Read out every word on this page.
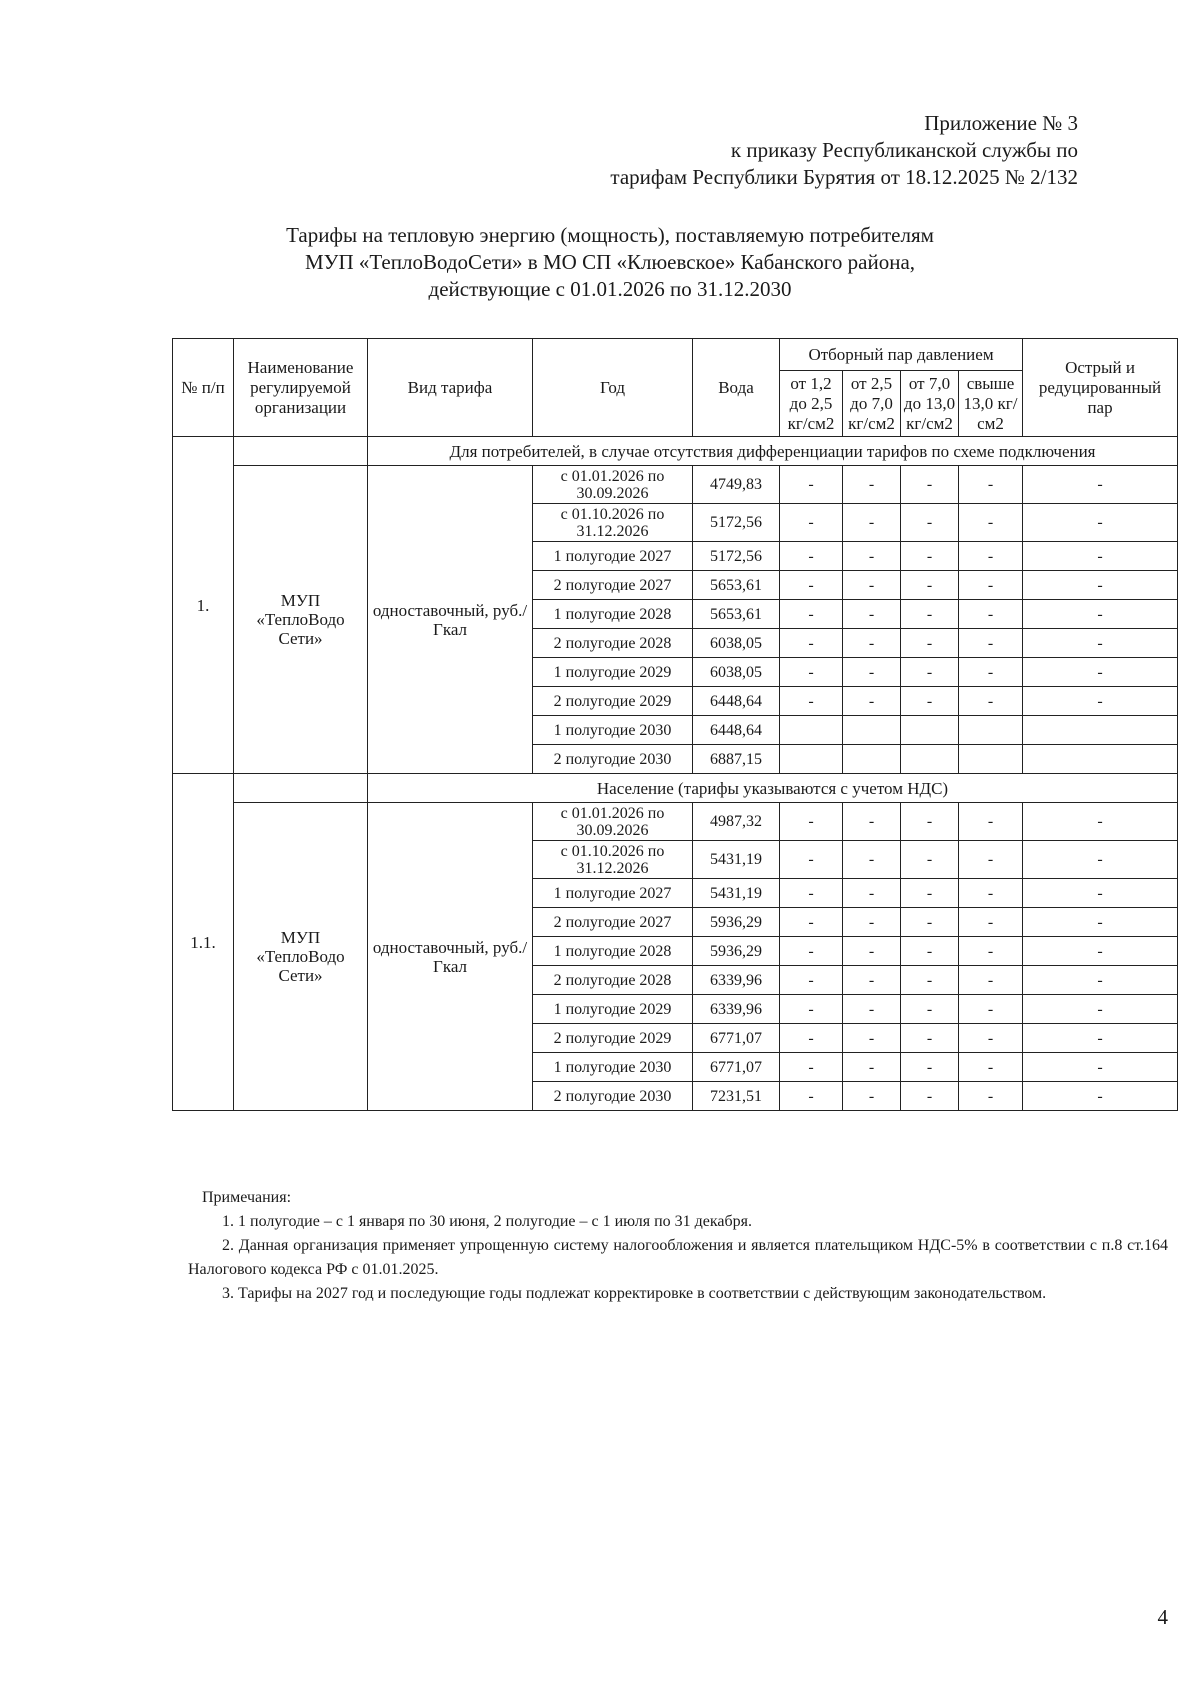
Приложение № 3
к приказу Республиканской службы по
тарифам Республики Бурятия от 18.12.2025 № 2/132
Тарифы на тепловую энергию (мощность), поставляемую потребителям
МУП «ТеплоВодоСети» в МО СП «Клюевское» Кабанского района,
действующие с 01.01.2026 по 31.12.2030
№ п/п	Наименование регулируемой организации	Вид тарифа	Год	Вода	Отборный пар давлением				Острый и редуцированный пар
					от 1,2 до 2,5 кг/см2	от 2,5 до 7,0 кг/см2	от 7,0 до 13,0 кг/см2	свыше 13,0 кг/см2	
1.		Для потребителей, в случае отсутствия дифференциации тарифов по схеме подключения							
	МУП «ТеплоВодо Сети»	одноставочный, руб./Гкал	с 01.01.2026 по 30.09.2026	4749,83	-	-	-	-	-
			с 01.10.2026 по 31.12.2026	5172,56	-	-	-	-	-
			1 полугодие 2027	5172,56	-	-	-	-	-
			2 полугодие 2027	5653,61	-	-	-	-	-
			1 полугодие 2028	5653,61	-	-	-	-	-
			2 полугодие 2028	6038,05	-	-	-	-	-
			1 полугодие 2029	6038,05	-	-	-	-	-
			2 полугодие 2029	6448,64	-	-	-	-	-
			1 полугодие 2030	6448,64					
			2 полугодие 2030	6887,15					
1.1.		Население (тарифы указываются с учетом НДС)							
	МУП «ТеплоВодо Сети»	одноставочный, руб./Гкал	с 01.01.2026 по 30.09.2026	4987,32	-	-	-	-	-
			с 01.10.2026 по 31.12.2026	5431,19	-	-	-	-	-
			1 полугодие 2027	5431,19	-	-	-	-	-
			2 полугодие 2027	5936,29	-	-	-	-	-
			1 полугодие 2028	5936,29	-	-	-	-	-
			2 полугодие 2028	6339,96	-	-	-	-	-
			1 полугодие 2029	6339,96	-	-	-	-	-
			2 полугодие 2029	6771,07	-	-	-	-	-
			1 полугодие 2030	6771,07	-	-	-	-	-
			2 полугодие 2030	7231,51	-	-	-	-	-
Примечания:

1. 1 полугодие – с 1 января по 30 июня, 2 полугодие – с 1 июля по 31 декабря.

2. Данная организация применяет упрощенную систему налогообложения и является плательщиком НДС-5% в соответствии с п.8 ст.164 Налогового кодекса РФ с 01.01.2025.

3. Тарифы на 2027 год и последующие годы подлежат корректировке в соответствии с действующим законодательством.

4
